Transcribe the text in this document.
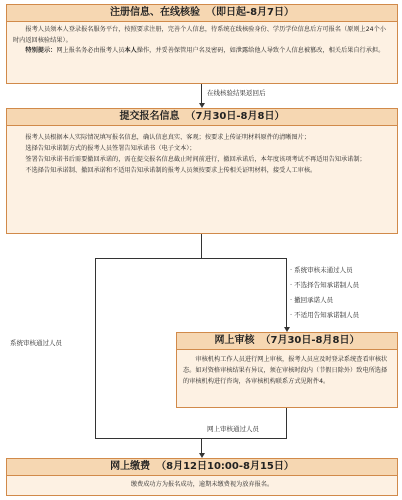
注册信息、在线核验 （即日起-8月7日）

报考人员须本人登录报名服务平台，按照要求注册，完善个人信息，待系统在线核验身份、学历学位信息后方可报名（原则上24个小时内返回核验结果）。

特别提示：网上报名务必由报考人员本人操作，并妥善保管用户名及密码，如泄露给他人导致个人信息被篡改，相关后果自行承担。

在线核验结果返回后
提交报名信息 （7月30日-8月8日）

报考人员根据本人实际情况填写报名信息，确认信息真实、客观；按要求上传证明材料原件的清晰图片；

选择告知承诺制方式的报考人员签署告知承诺书（电子文本）；

签署告知承诺书后需要撤回承诺的，需在提交报名信息截止时间前进行，撤回承诺后，本年度该项考试不再适用告知承诺制；

不选择告知承诺制、撤回承诺和不适用告知承诺制的报考人员须按要求上传相关证明材料，接受人工审核。

系统审核通过人员
· 系统审核未通过人员
· 不选择告知承诺制人员
· 撤回承诺人员
· 不适用告知承诺制人员
网上审核 （7月30日-8月8日）

审核机构工作人员进行网上审核，报考人员应及时登录系统查看审核状态。如对资格审核结果有异议，须在审核时段内（节假日除外）致电所选择的审核机构进行咨询，各审核机构联系方式见附件4。

网上审核通过人员
网上缴费 （8月12日10:00-8月15日）

缴费成功方为报名成功，逾期未缴费视为放弃报名。
